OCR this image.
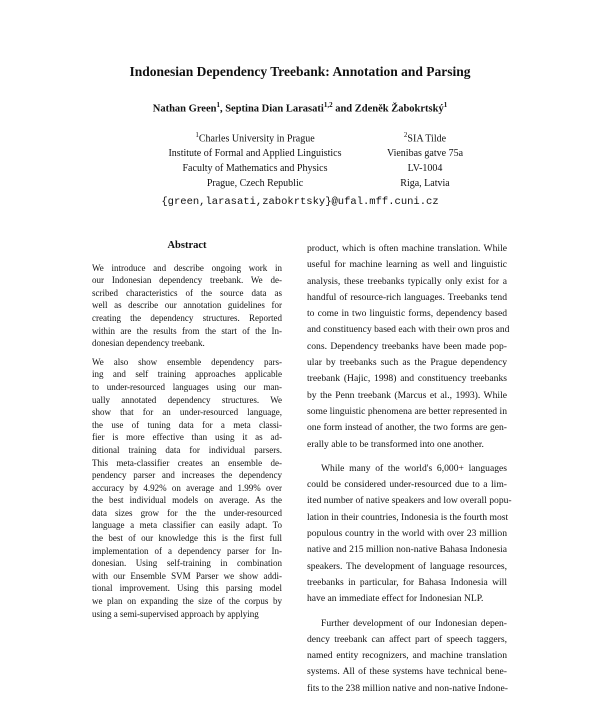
Indonesian Dependency Treebank: Annotation and Parsing
Nathan Green$^1$, Septina Dian Larasati$^{1,2}$ and Zdeněk Žabokrtský$^1$
$^1$Charles University in Prague
Institute of Formal and Applied Linguistics
Faculty of Mathematics and Physics
Prague, Czech Republic
$^2$SIA Tilde
Vienibas gatve 75a
LV-1004
Riga, Latvia
{green,larasati,zabokrtsky}@ufal.mff.cuni.cz
Abstract

We introduce and describe ongoing work in
our Indonesian dependency treebank. We de-
scribed characteristics of the source data as
well as describe our annotation guidelines for
creating the dependency structures. Reported
within are the results from the start of the In-
donesian dependency treebank.

We also show ensemble dependency pars-
ing and self training approaches applicable
to under-resourced languages using our man-
ually annotated dependency structures. We
show that for an under-resourced language,
the use of tuning data for a meta classi-
fier is more effective than using it as ad-
ditional training data for individual parsers.
This meta-classifier creates an ensemble de-
pendency parser and increases the dependency
accuracy by 4.92% on average and 1.99% over
the best individual models on average. As the
data sizes grow for the the under-resourced
language a meta classifier can easily adapt. To
the best of our knowledge this is the first full
implementation of a dependency parser for In-
donesian. Using self-training in combination
with our Ensemble SVM Parser we show addi-
tional improvement. Using this parsing model
we plan on expanding the size of the corpus by
using a semi-supervised approach by applying

product, which is often machine translation. While
useful for machine learning as well and linguistic
analysis, these treebanks typically only exist for a
handful of resource-rich languages. Treebanks tend
to come in two linguistic forms, dependency based
and constituency based each with their own pros and
cons. Dependency treebanks have been made pop-
ular by treebanks such as the Prague dependency
treebank (Hajic, 1998) and constituency treebanks
by the Penn treebank (Marcus et al., 1993). While
some linguistic phenomena are better represented in
one form instead of another, the two forms are gen-
erally able to be transformed into one another.

While many of the world's 6,000+ languages
could be considered under-resourced due to a lim-
ited number of native speakers and low overall popu-
lation in their countries, Indonesia is the fourth most
populous country in the world with over 23 million
native and 215 million non-native Bahasa Indonesia
speakers. The development of language resources,
treebanks in particular, for Bahasa Indonesia will
have an immediate effect for Indonesian NLP.

Further development of our Indonesian depen-
dency treebank can affect part of speech taggers,
named entity recognizers, and machine translation
systems. All of these systems have technical bene-
fits to the 238 million native and non-native Indone-
